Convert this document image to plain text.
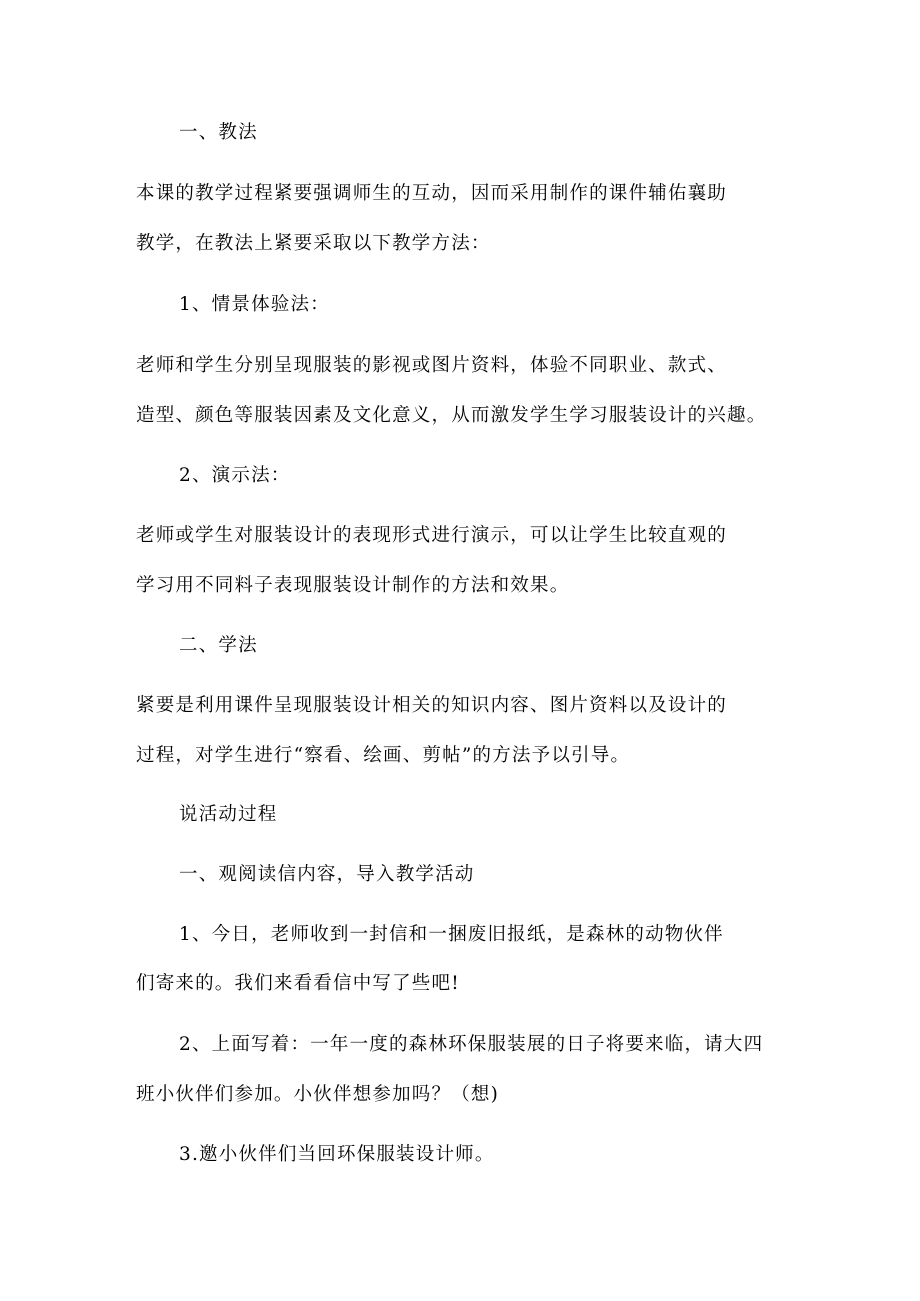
一、教法
本课的教学过程紧要强调师生的互动，因而采用制作的课件辅佑襄助
教学，在教法上紧要采取以下教学方法：
1、情景体验法：
老师和学生分别呈现服装的影视或图片资料，体验不同职业、款式、
造型、颜色等服装因素及文化意义，从而激发学生学习服装设计的兴趣。
2、演示法：
老师或学生对服装设计的表现形式进行演示，可以让学生比较直观的
学习用不同料子表现服装设计制作的方法和效果。
二、学法
紧要是利用课件呈现服装设计相关的知识内容、图片资料以及设计的
过程，对学生进行“察看、绘画、剪帖”的方法予以引导。
说活动过程
一、观阅读信内容，导入教学活动
1、今日，老师收到一封信和一捆废旧报纸，是森林的动物伙伴
们寄来的。我们来看看信中写了些吧!
2、上面写着：一年一度的森林环保服装展的日子将要来临，请大四
班小伙伴们参加。小伙伴想参加吗？（想)
3.邀小伙伴们当回环保服装设计师。
